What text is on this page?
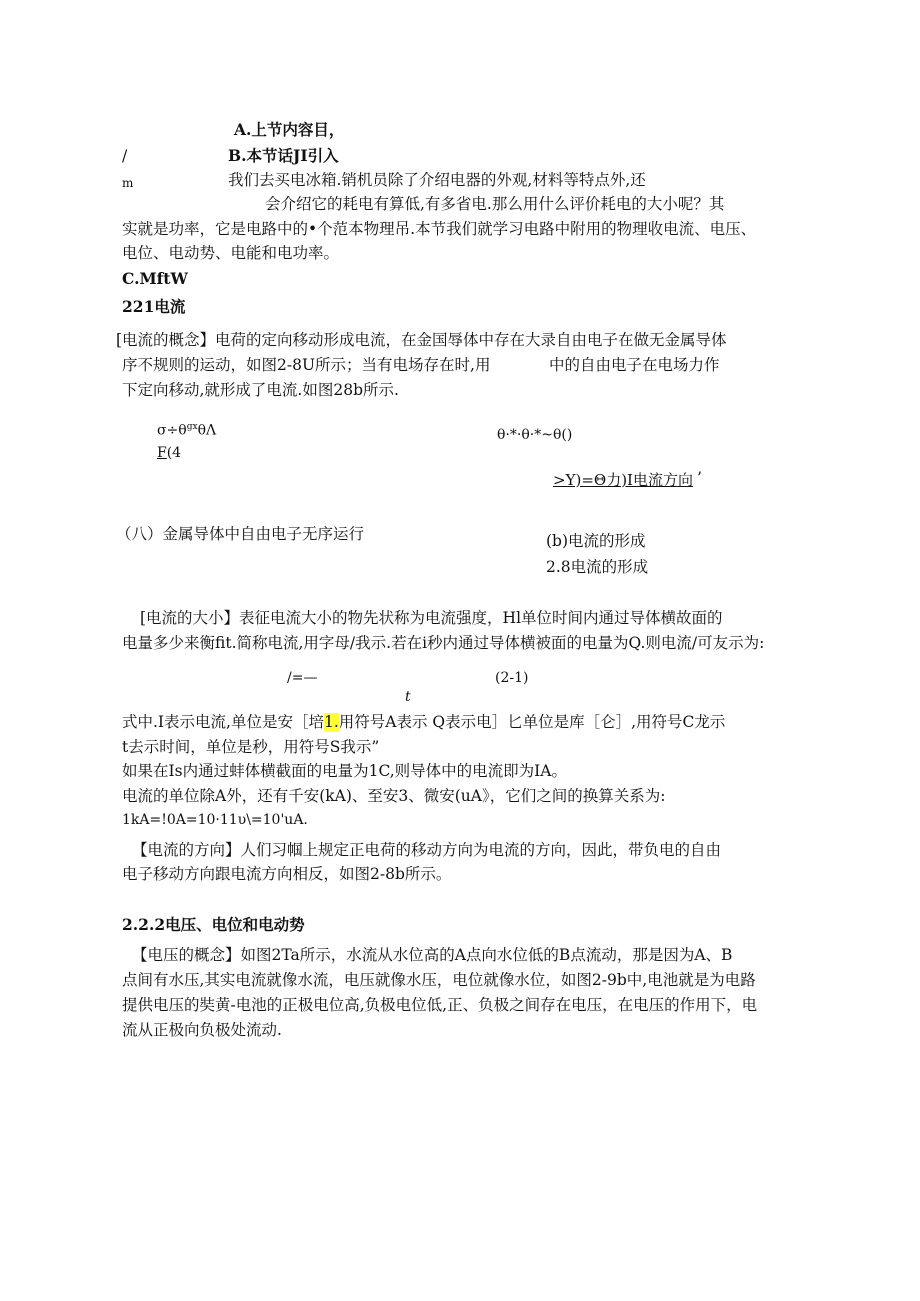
A.上节内容目，
/	B.本节话JI引入
m	我们去买电冰箱.销机员除了介绍电器的外观,材料等特点外,还
会介绍它的耗电有算低,有多省电.那么用什么评价耗电的大小呢？其
实就是功率，它是电路中的•个范本物理吊.本节我们就学习电路中附用的物理收电流、电压、
电位、电动势、电能和电功率。
C.MftW
221电流
[电流的概念】电荷的定向移动形成电流，在金国辱体中存在大录自由电子在做无金属导体
序不规则的运动，如图2-8U所示；当有电场存在时,用	中的自由电子在电场力作
下定向移动,就形成了电流.如图28b所示.
$\sigma\div\theta^{gx}\theta\Lambda$
F(4
θ·*·θ·*~θ()
>Y)=Θ力)I电流方向 ’
（八）金属导体中自由电子无序运行	(b)电流的形成
2.8电流的形成
[电流的大小】表征电流大小的物先状称为电流强度，Hl单位时间内通过导体横故面的
电量多少来衡fit.简称电流,用字母/我示.若在i秒内通过导体横被面的电量为Q.则电流/可友示为:
/=—
t
(2-1)
式中.I表示电流,单位是安［培1.用符号A表示 Q表示电］匕单位是库［仑］,用符号C龙示
t去示时间，单位是秒，用符号S我示”
如果在Is内通过蚌体横截面的电量为1C,则导体中的电流即为IA。
电流的单位除A外，还有千安(kA)、至安3、微安(uA》，它们之间的换算关系为:
1kA=!0A=10·11υ\=10'uA.
【电流的方向】人们习帼上规定正电荷的移动方向为电流的方向，因此，带负电的自由
电子移动方向跟电流方向相反，如图2-8b所示。
2.2.2电压、电位和电动势
【电压的概念】如图2Ta所示，水流从水位高的A点向水位低的B点流动，那是因为A、B
点间有水压,其实电流就像水流，电压就像水压，电位就像水位，如图2-9b中,电池就是为电路
提供电压的奘黄-电池的正极电位高,负极电位低,正、负极之间存在电压，在电压的作用下，电
流从正极向负极处流动.
